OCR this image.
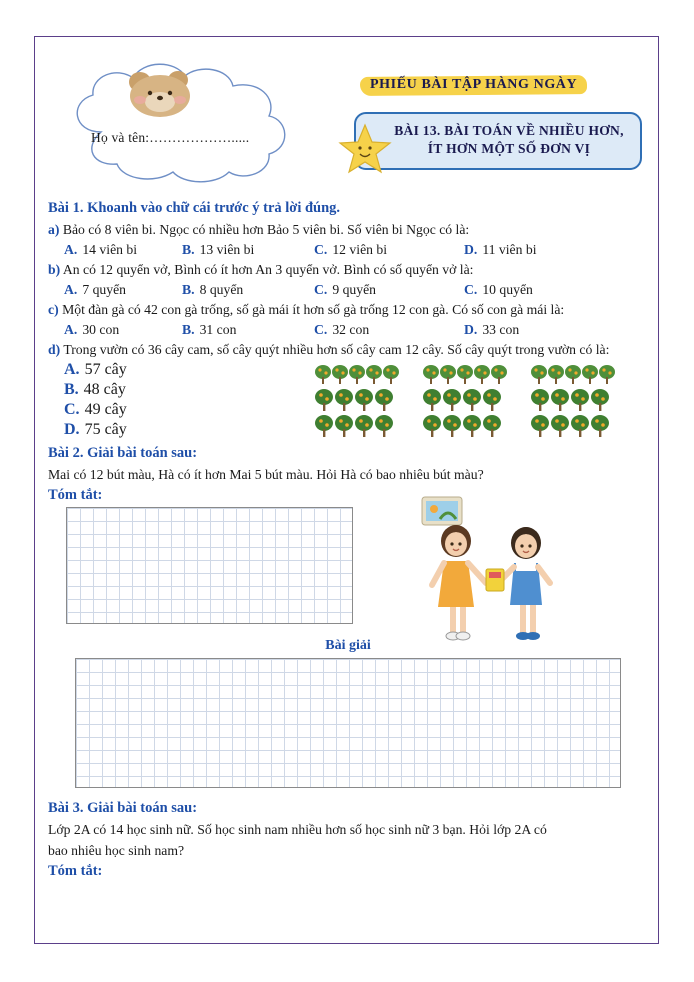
Họ và tên:……………….....
PHIẾU BÀI TẬP HÀNG NGÀY
BÀI 13. BÀI TOÁN VỀ NHIỀU HƠN,
ÍT HƠN MỘT SỐ ĐƠN VỊ
Bài 1. Khoanh vào chữ cái trước ý trả lời đúng.
a) Bảo có 8 viên bi. Ngọc có nhiều hơn Bảo 5 viên bi. Số viên bi Ngọc có là:
A. 14 viên bi	B. 13 viên bi	C. 12 viên bi	D. 11 viên bi
b) An có 12 quyển vở, Bình có ít hơn An 3 quyển vở. Bình có số quyển vở là:
A. 7 quyển	B. 8 quyển	C. 9 quyển	C. 10 quyển
c) Một đàn gà có 42 con gà trống, số gà mái ít hơn số gà trống 12 con gà. Có số con gà mái là:
A. 30 con	B. 31 con	C. 32 con	D. 33 con
d) Trong vườn có 36 cây cam, số cây quýt nhiều hơn số cây cam 12 cây. Số cây quýt trong vườn có là:
A. 57 cây
B. 48 cây
C. 49 cây
D. 75 cây
Bài 2. Giải bài toán sau:
Mai có 12 bút màu, Hà có ít hơn Mai 5 bút màu. Hỏi Hà có bao nhiêu bút màu?
Tóm tắt:
Bài giải
Bài 3. Giải bài toán sau:
Lớp 2A có 14 học sinh nữ. Số học sinh nam nhiều hơn số học sinh nữ 3 bạn. Hỏi lớp 2A có
bao nhiêu học sinh nam?
Tóm tắt:
